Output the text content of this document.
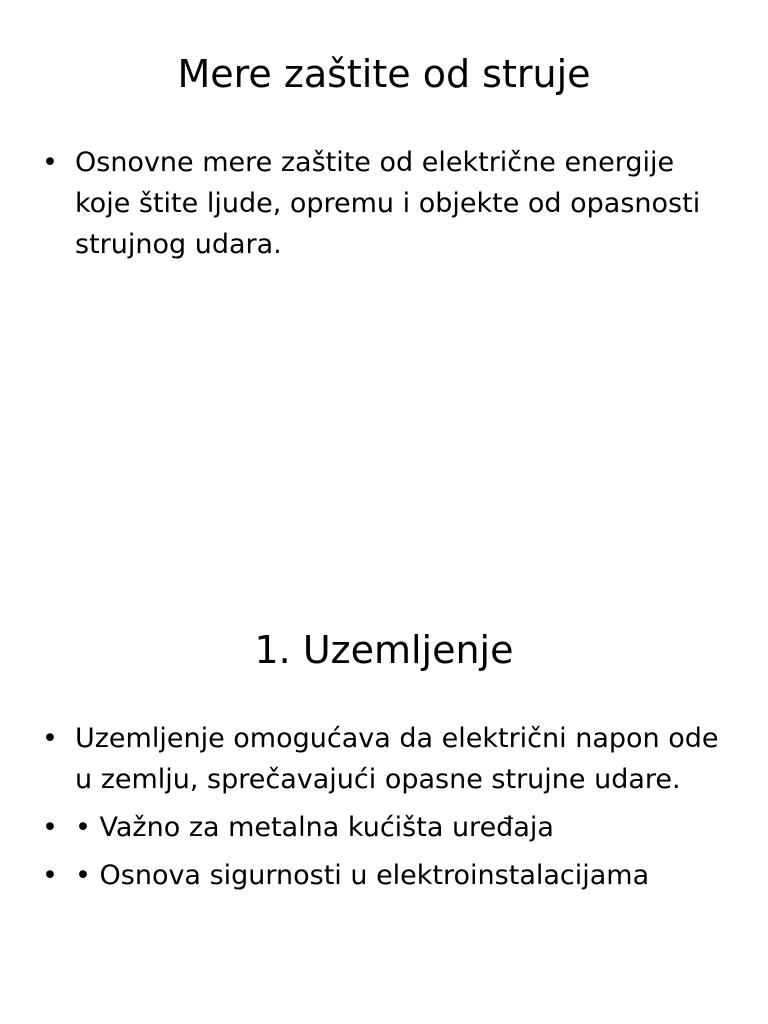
Mere zaštite od struje
• Osnovne mere zaštite od električne energije koje štite ljude, opremu i objekte od opasnosti strujnog udara.
1. Uzemljenje
• Uzemljenje omogućava da električni napon ode u zemlju, sprečavajući opasne strujne udare.
• • Važno za metalna kućišta uređaja
• • Osnova sigurnosti u elektroinstalacijama
